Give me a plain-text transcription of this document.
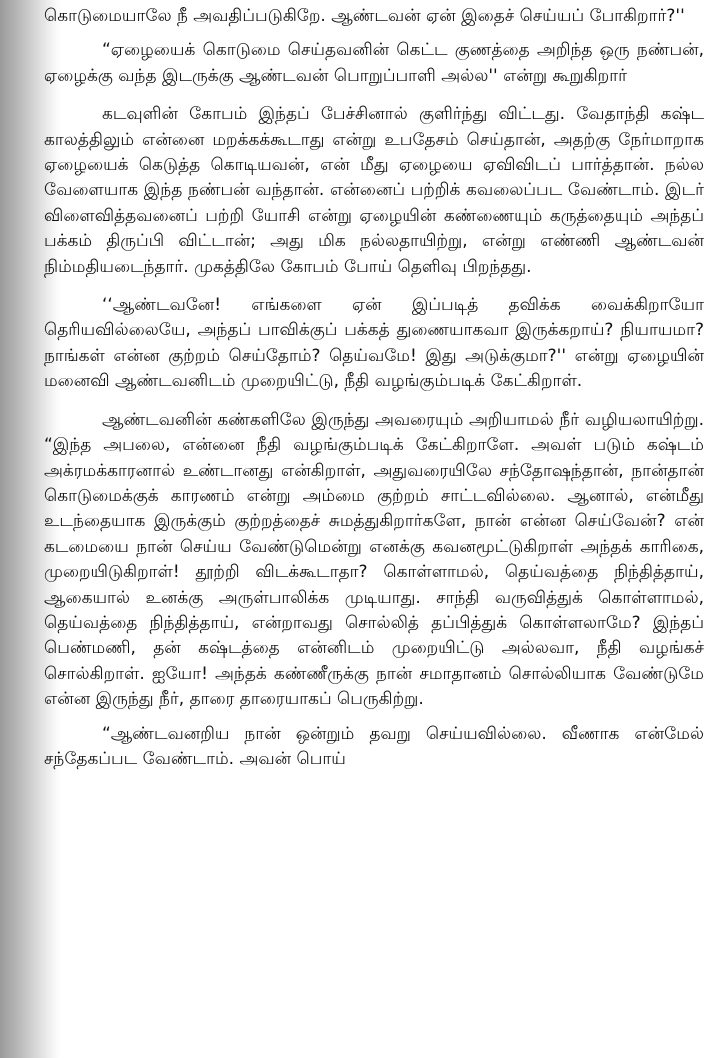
கொடுமையாலே நீ அவதிப்படுகிறே. ஆண்டவன் ஏன் இதைச் செய்யப் போகிறார்?''

“ஏழையைக் கொடுமை செய்தவனின் கெட்ட குணத்தை அறிந்த ஒரு நண்பன், ஏழைக்கு வந்த இடருக்கு ஆண்டவன் பொறுப்பாளி அல்ல'' என்று கூறுகிறார்

கடவுளின் கோபம் இந்தப் பேச்சினால் குளிர்ந்து விட்டது. வேதாந்தி கஷ்ட காலத்திலும் என்னை மறக்கக்கூடாது என்று உபதேசம் செய்தான், அதற்கு நேர்மாறாக ஏழையைக் கெடுத்த கொடியவன், என் மீது ஏழையை ஏவிவிடப் பார்த்தான். நல்ல வேளையாக இந்த நண்பன் வந்தான். என்னைப் பற்றிக் கவலைப்பட வேண்டாம். இடர் விளைவித்தவனைப் பற்றி யோசி என்று ஏழையின் கண்ணையும் கருத்தையும் அந்தப் பக்கம் திருப்பி விட்டான்; அது மிக நல்லதாயிற்று, என்று எண்ணி ஆண்டவன் நிம்மதியடைந்தார். முகத்திலே கோபம் போய் தெளிவு பிறந்தது.

‘‘ஆண்டவனே! எங்களை ஏன் இப்படித் தவிக்க வைக்கிறாயோ தெரியவில்லையே, அந்தப் பாவிக்குப் பக்கத் துணையாகவா இருக்கறாய்? நியாயமா? நாங்கள் என்ன குற்றம் செய்தோம்? தெய்வமே! இது அடுக்குமா?'' என்று ஏழையின் மனைவி ஆண்டவனிடம் முறையிட்டு, நீதி வழங்கும்படிக் கேட்கிறாள்.

ஆண்டவனின் கண்களிலே இருந்து அவரையும் அறியாமல் நீர் வழியலாயிற்று. “இந்த அபலை, என்னை நீதி வழங்கும்படிக் கேட்கிறாளே. அவள் படும் கஷ்டம் அக்ரமக்காரனால் உண்டானது என்கிறாள், அதுவரையிலே சந்தோஷந்தான், நான்தான் கொடுமைக்குக் காரணம் என்று அம்மை குற்றம் சாட்டவில்லை. ஆனால், என்மீது உடந்தையாக இருக்கும் குற்றத்தைச் சுமத்துகிறார்களே, நான் என்ன செய்வேன்? என் கடமையை நான் செய்ய வேண்டுமென்று எனக்கு கவனமூட்டுகிறாள் அந்தக் காரிகை, முறையிடுகிறாள்! தூற்றி விடக்கூடாதா? கொள்ளாமல், தெய்வத்தை நிந்தித்தாய், ஆகையால் உனக்கு அருள்பாலிக்க முடியாது. சாந்தி வருவித்துக் கொள்ளாமல், தெய்வத்தை நிந்தித்தாய், என்றாவது சொல்லித் தப்பித்துக் கொள்ளலாமே? இந்தப் பெண்மணி, தன் கஷ்டத்தை என்னிடம் முறையிட்டு அல்லவா, நீதி வழங்கச் சொல்கிறாள். ஐயோ! அந்தக் கண்ணீருக்கு நான் சமாதானம் சொல்லியாக வேண்டுமே என்ன இருந்து நீர், தாரை தாரையாகப் பெருகிற்று.

“ஆண்டவனறிய நான் ஒன்றும் தவறு செய்யவில்லை. வீணாக என்மேல் சந்தேகப்பட வேண்டாம். அவன் பொய்
